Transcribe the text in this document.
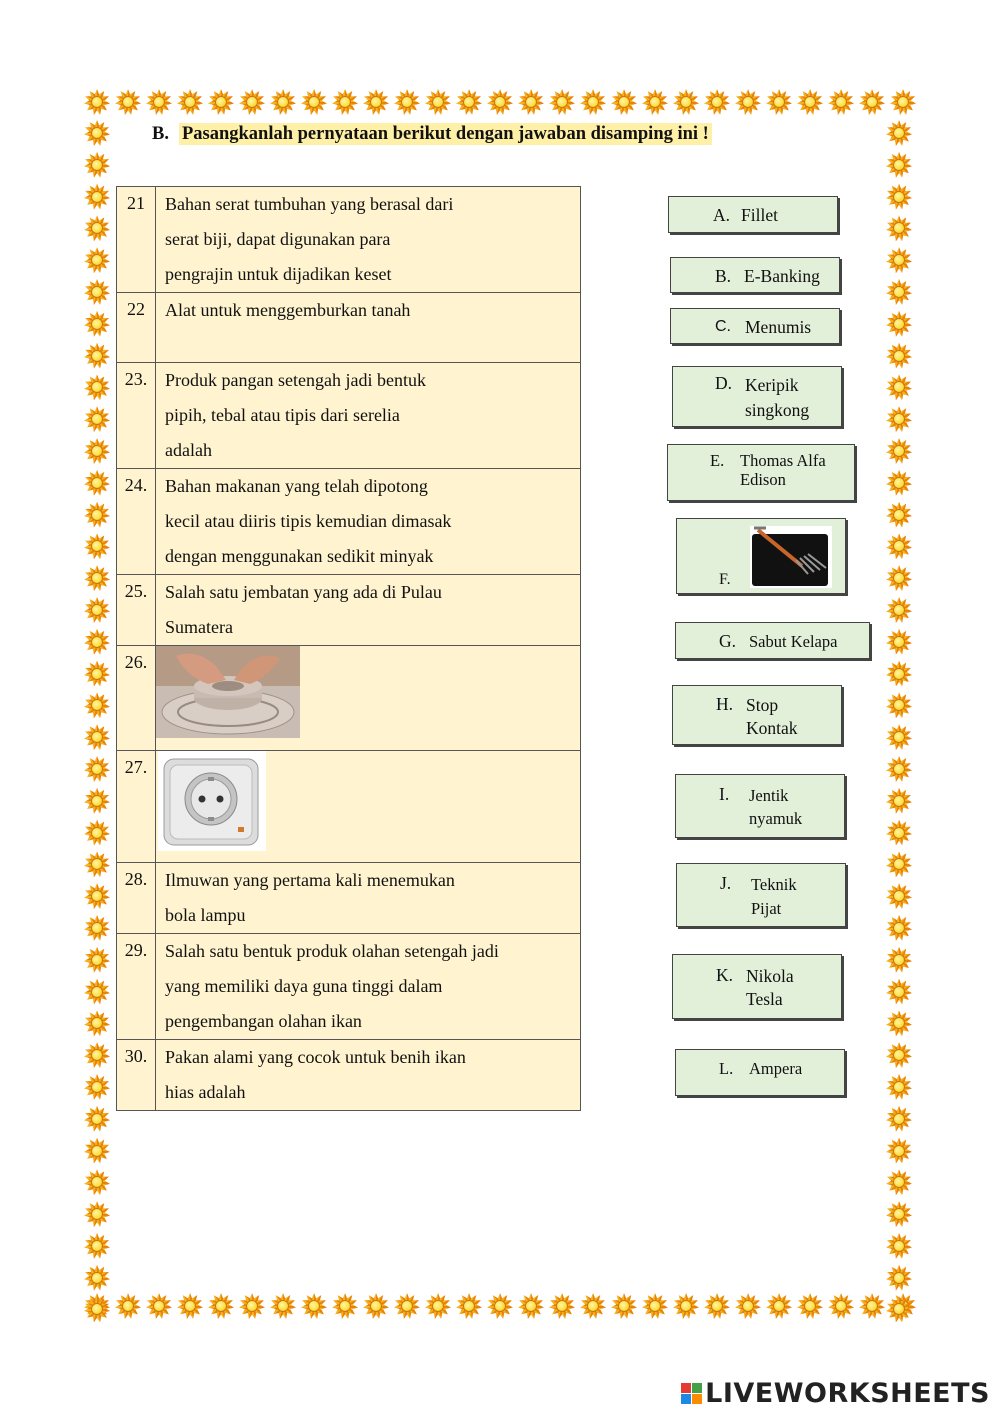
B. Pasangkanlah pernyataan berikut dengan jawaban disamping ini !
21	Bahan serat tumbuhan yang berasal dari
serat biji, dapat digunakan para
pengrajin untuk dijadikan keset

22	Alat untuk menggemburkan tanah

23.	Produk pangan setengah jadi bentuk
pipih, tebal atau tipis dari serelia
adalah

24.	Bahan makanan yang telah dipotong
kecil atau diiris tipis kemudian dimasak
dengan menggunakan sedikit minyak

25.	Salah satu jembatan yang ada di Pulau
Sumatera

26.	
27.	
28.	Ilmuwan yang pertama kali menemukan
bola lampu

29.	Salah satu bentuk produk olahan setengah jadi
yang memiliki daya guna tinggi dalam
pengembangan olahan ikan

30.	Pakan alami yang cocok untuk benih ikan
hias adalah
A. Fillet
B. E-Banking
C. Menumis
D. Keripik
singkong
E. Thomas Alfa
Edison
F.
G. Sabut Kelapa
H. Stop
Kontak
I. Jentik
nyamuk
J. Teknik
Pijat
K. Nikola
Tesla
L. Ampera
LIVEWORKSHEETS
